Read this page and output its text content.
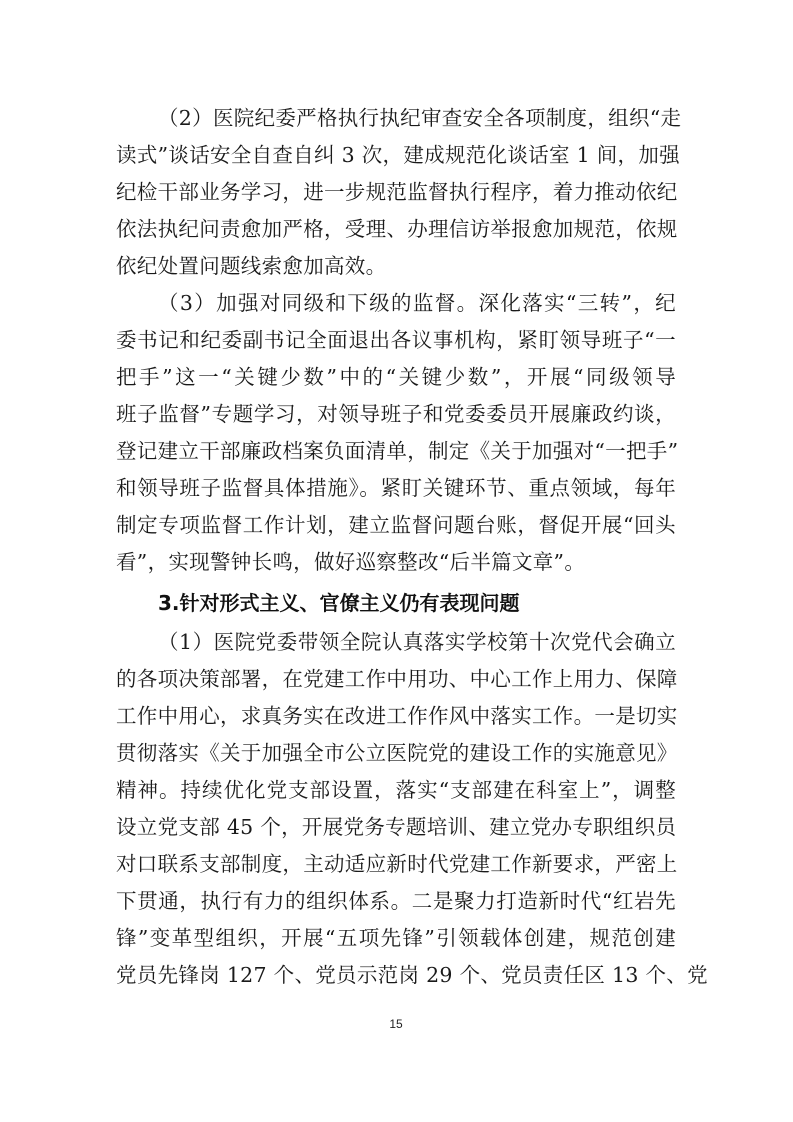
（2）医院纪委严格执行执纪审查安全各项制度，组织“走
读式”谈话安全自查自纠 3 次，建成规范化谈话室 1 间，加强
纪检干部业务学习，进一步规范监督执行程序，着力推动依纪
依法执纪问责愈加严格，受理、办理信访举报愈加规范，依规
依纪处置问题线索愈加高效。
（3）加强对同级和下级的监督。深化落实“三转”，纪
委书记和纪委副书记全面退出各议事机构，紧盯领导班子“一
把手”这一“关键少数”中的“关键少数”，开展“同级领导
班子监督”专题学习，对领导班子和党委委员开展廉政约谈，
登记建立干部廉政档案负面清单，制定《关于加强对“一把手”
和领导班子监督具体措施》。紧盯关键环节、重点领域，每年
制定专项监督工作计划，建立监督问题台账，督促开展“回头
看”，实现警钟长鸣，做好巡察整改“后半篇文章”。
3.针对形式主义、官僚主义仍有表现问题
（1）医院党委带领全院认真落实学校第十次党代会确立
的各项决策部署，在党建工作中用功、中心工作上用力、保障
工作中用心，求真务实在改进工作作风中落实工作。一是切实
贯彻落实《关于加强全市公立医院党的建设工作的实施意见》
精神。持续优化党支部设置，落实“支部建在科室上”，调整
设立党支部 45 个，开展党务专题培训、建立党办专职组织员
对口联系支部制度，主动适应新时代党建工作新要求，严密上
下贯通，执行有力的组织体系。二是聚力打造新时代“红岩先
锋”变革型组织，开展“五项先锋”引领载体创建，规范创建
党员先锋岗 127 个、党员示范岗 29 个、党员责任区 13 个、党
15
